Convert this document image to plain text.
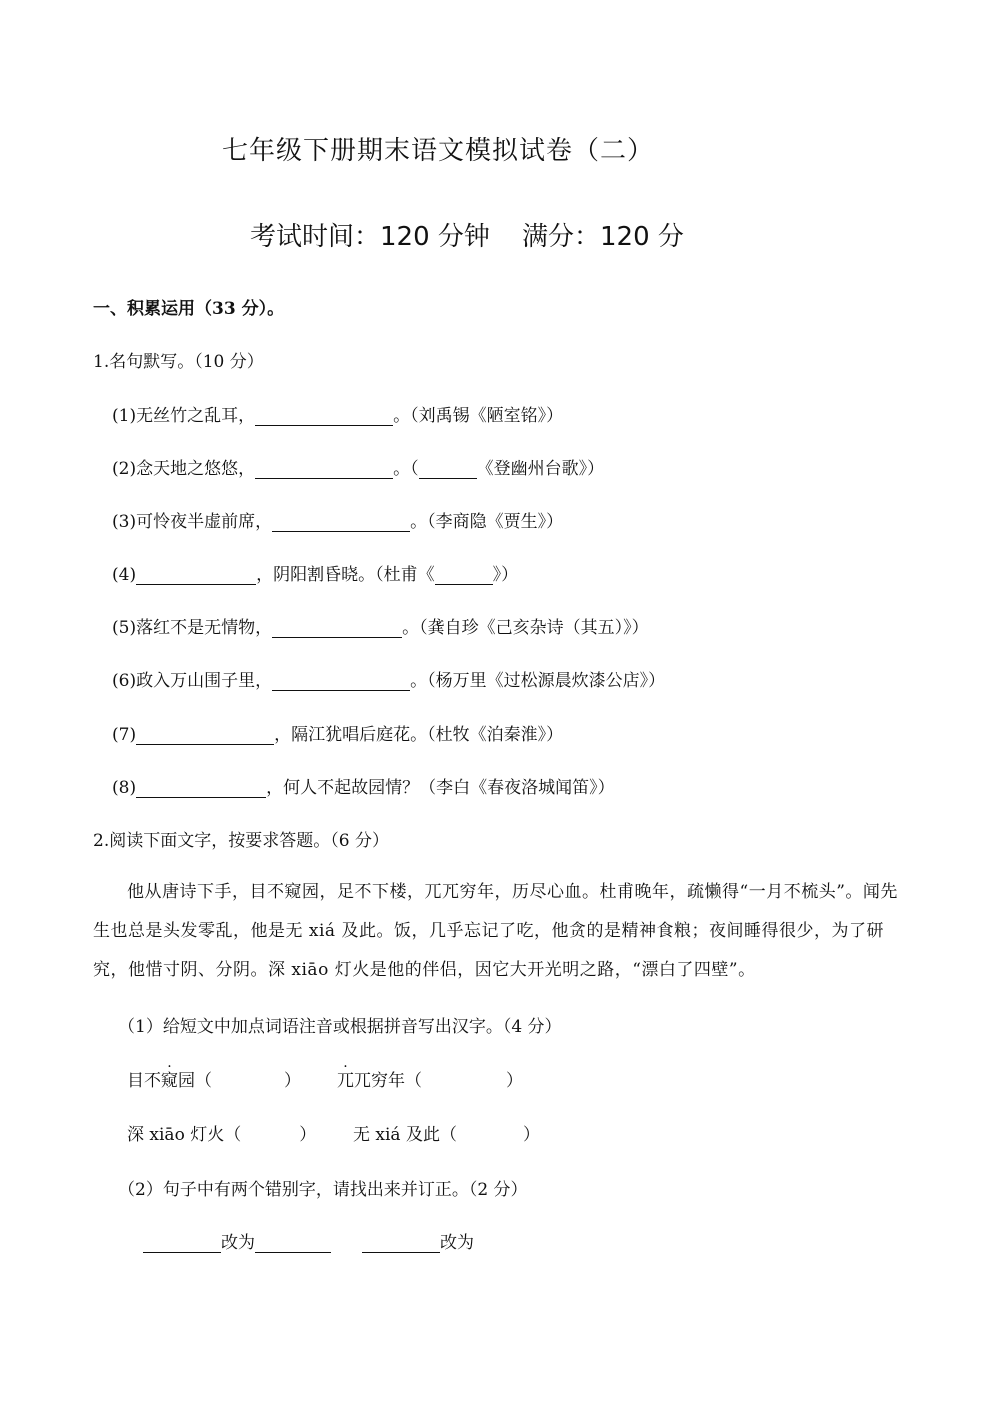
七年级下册期末语文模拟试卷（二）
考试时间：120 分钟 满分：120 分
一、积累运用（33 分）。
1.名句默写。（10 分）
(1)无丝竹之乱耳，	。（刘禹锡《陋室铭》）
(2)念天地之悠悠，	。（	《登幽州台歌》）
(3)可怜夜半虚前席，	。（李商隐《贾生》）
(4)	，阴阳割昏晓。（杜甫《	》）
(5)落红不是无情物，	。（龚自珍《己亥杂诗（其五）》）
(6)政入万山围子里，	。（杨万里《过松源晨炊漆公店》）
(7)	，隔江犹唱后庭花。（杜牧《泊秦淮》）
(8)	，何人不起故园情？（李白《春夜洛城闻笛》）
2.阅读下面文字，按要求答题。（6 分）
他从唐诗下手，目不· 窥园，足不下楼，· 兀兀穷年，历尽心血。杜甫晚年，疏懒得“一月不梳头”。闻先生也总是头发零乱，他是无 xiá 及此。饭，几乎忘记了吃，他贪的是精神食粮；夜间睡得很少，为了研究，他惜寸阴、分阴。深 xiāo 灯火是他的伴侣，因它大开光明之路，“漂白了四壁”。
（1）给短文中加点词语注音或根据拼音写出汉字。（4 分）
目不窥园（	） 兀兀穷年（	）
深 xiāo 灯火（	） 无 xiá 及此（	）
（2）句子中有两个错别字，请找出来并订正。（2 分）
改为	改为
